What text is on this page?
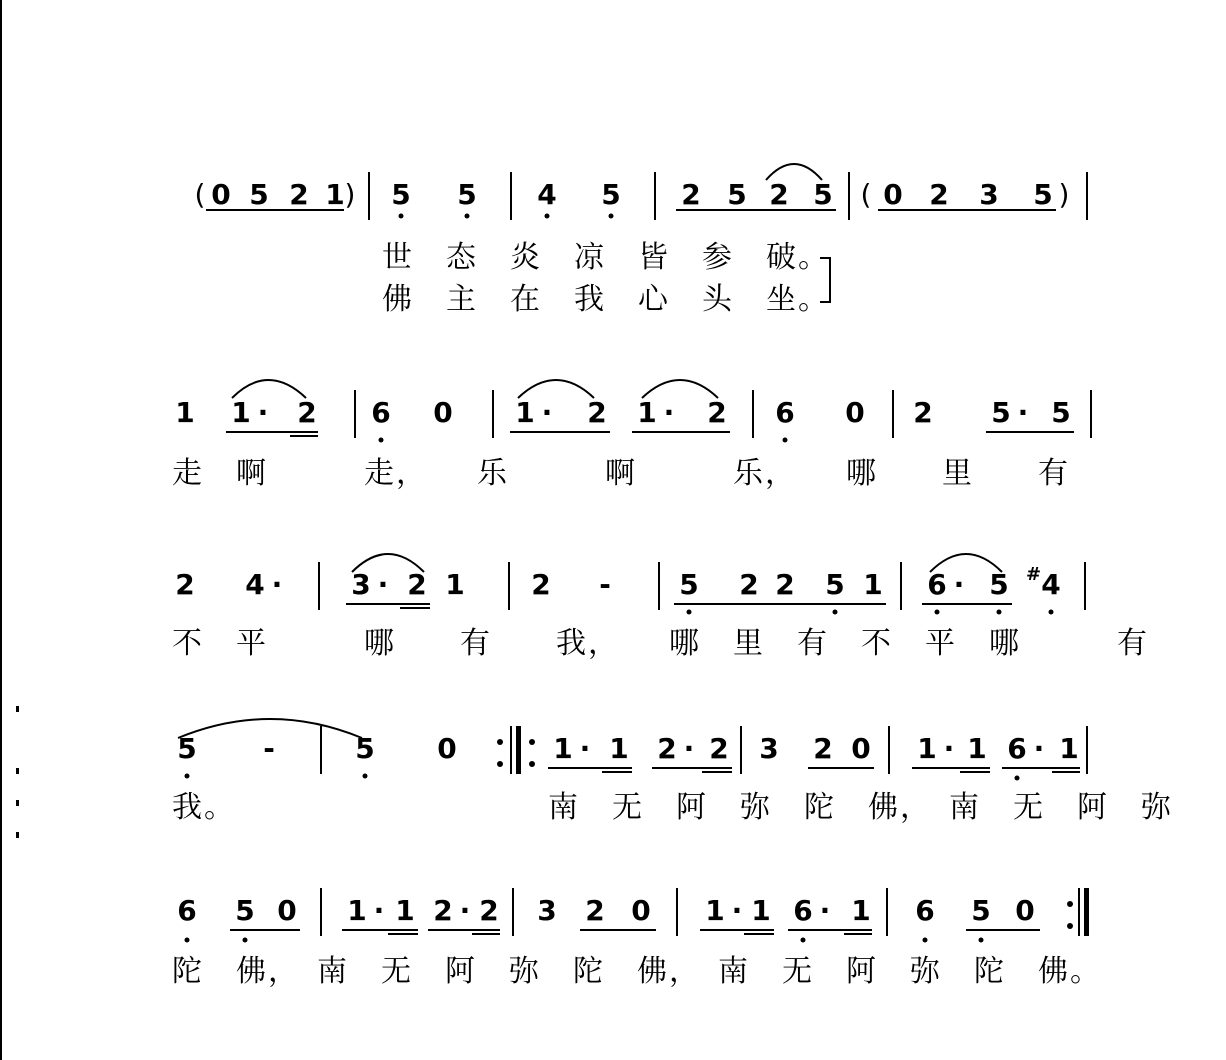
( 0 5 2 1 ) 5 5 4 5 2 5 2 5 ( 0 2 3 5 )
世　态　炎　凉　皆　参　破。
佛　主　在　我　心　头　坐。
1 1 ·	2 6 0 1 ·	2 1 ·	2 6 0 2 5 · 5
走　啊　　　走，　　乐　　　啊　　　乐，　　哪　　里　　有
2 4 ·	3 · 2 1 2	-	5 2 2 5 1 6 · 5 # 4
不　平　　　哪　　有　　我，　　哪　里　有　不　平　哪　　　有
5	-	5 0	1 · 1 2 · 2 3 2 0 1 · 1 6 · 1
我。	南　无　阿　弥　陀　佛，　南　无　阿　弥
6 5 0 1 · 1 2 · 2 3 2 0 1 · 1 6 · 1 6 5 0
陀　佛，　南　无　阿　弥　陀　佛，　南　无　阿　弥　陀　佛。
